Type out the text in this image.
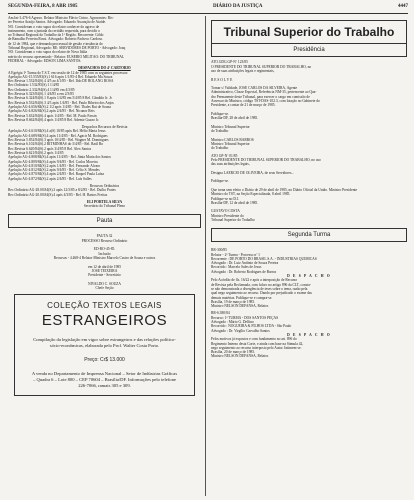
SEGUNDA-FEIRA, 8 ABR 1985	DIÁRIO DA JUSTIÇA	4447
Am.Int-3.476-6 Agravo. Relator Ministro Flávio Cirino. Agravantes: Bis-
ter Ferreira Araújo Santos. Advogado: Eduardo Assunção de Ataíde.
NO. Consideram o voto supra do relator conhecer do agravo de
instrumento, com a juntada da certidão requerida, para decidir o
no Tribunal Regional do Trabalho da 1ª Região. Recorrente: Gildo
de Ramalho Ferreira Rossi. Advogado: Roberto Pacheco Cardoso.
de 12 de 1984, que e demanda processual de gestão e instância do
Tribunal Regional, Advogado: RÉ: SERVIDORES DE PORTO - Advogado: Joaq
NO. Consideram o voto supra do relator de Nova Itália
mérito do recurso apresentado - Relator: EUSÉBIO MILITÃO: DO TRIBUNAL
FEDERAL - Advogado: EDSON LIMA SANTOS.
DESPACHOS DO 4º CARTÓRIO
A Egrégia 1ª Turma do T.S.T. em sessão de 12 de 1985 com os seguintes processos:
Apelação AG-15.555/83(S).1 616 após 1/1/85-4 Rel. Eduardo Ma Souza
Rec.Revista 1.532/84(S).4 4/5 ao 4/1/85 - Rel. Ildo DE ROLANG ROSA
Rec.Ordinário 1.532/85(S).1 1/4/85
Rec.Ordinário 2.332/84(S).4 1/4/85 em 4/3/85
Rec.Revista 6.323/84(S).1 4/4/85 a em 2/3/85
Rec.Revista 6.324/84(S).1 8 após 1/4/85 em 5/4/85 8 Rel. Cândido Jr. Jr
Rec.Revista 6.532/84(S).3 4/3 após 1/4/85 - Rel. Paulo Ribeiro dos Anjos
Apelação AG-4.656/84(S).2 1/2 após 1/4/85 - Rel. Thales Rui de Souza
Apelação AG-4.826/84(S).2 após 2/4/85 - Rel. Nicanor Reis
Rec.Revista 5.632/84(S).4 após 1/4/85 - Rel. M. Paulo Fassin
Rec.Revista 8.662/84(S).4 após 1/4/85 8 Rel. Ademir Guzzo Jr.
Despachos Recursos de Revista
Apelação AG-4.610/84(S).4 a(S) 10/85 após Rel. Hélio Maria Jesus
Apelação AG-4.689/84(S).4 após 11/4/85 - Rel. Agacir M. Rodrigues
Rec.Revista 5.852/84(S).3 após 10/4/85 - Rel. Wagner M. Domingues
Rec.Revista 6.102/84(S).2 RITMINHAS do 3/4/85 - Rel. Raúl Bo
Rec.Revista 6.620/84(S).2 após 3/4/85 8 Rel. Alex Santos
Rec.Revista 6.621/84(S).2 após 1/4/85
Apelação AG-4.808/84(S).4 após 11/4/85 - Rel. Júnia Maria dos Santos
Apelação AG-4.809/84(S).4 após 9/4/85 - Rel. Carlos Moreira
Apelação AG-4.810/84(S).2 após 1/4/85 - Rel. Fernando Álvaro
Apelação AG-4.812/84(S).2 após 9/4/85 - Rel. Célio S. Mendes
Apelação AG-4.870/84(S).4 após 2/4/85 - Rel. Raquel Paula Luíza
Apelação AG-4.872/84(S).2 após 2/4/85 - Rel. Luís Salles
Recursos Ordinários
Rec.Ordinário AG-28.00.84(S).3 após 12/3/85 a 8/2/85 - Rel. Duílio Prates
Rec.Ordinário AG-20.00.84(S).4 após 4/3/85 - Rel. H. Bastos Freitas
ELI PORTELA SILVA
Secretário do Tribunal Pleno
Pauta
PAUTA 32
PROCESSO Recurso Ordinário

ED-RO-45-85.
Inclusão
Recursos - 4.468-4 Relator Ministro Marcelo Castro de Souza e outros

em 12 de abril de 1985
JOSÉ TEIXEIRA
Presidente - Secretário

NIVALDO C. SOUZA
Chefe Seção
COLEÇÃO TEXTOS LEGAIS
ESTRANGEIROS
Compilação da legislação em vigor sobre estrangeiros e das relações político-sócio-econômicas, elaborada pelo Prof. Walter Costa Porto.
Preço: Cr$ 13.000
A venda no Departamento de Imprensa Nacional – Setor de Indústrias Gráficas – Quadra 6 – Lote 800 – CEP 70604 – Brasília/DF. Informações pelo telefone 226-7066, ramais 305 e 309.
Tribunal Superior do Trabalho
Presidência
ATO.GDG.GP-Nº 123/85
O PRESIDENTE DO TRIBUNAL SUPERIOR DO TRABALHO, no
uso de suas atribuições legais e regimentais,

R E S O L V E

Tornar s/ Validade, JOSÉ CARLOS DA SILVEIRA, Agente
Administrativo, Classe Especial, Referência NM-35, pertencente ao Qua-
dro Permanente deste Tribunal, para exercer o cargo em comissão de
Assessor do Ministro, código TST-DAS-102.3, com lotação no Gabinete do
Presidente, a contar de 21 de março de 1985.

Publique-se.
Brasília-DF, 28 de abril de 1985.

Ministro Tribunal Superior
do Trabalho

Ministro CARLOS BARROS
Ministro Tribunal Superior
do Trabalho
ATO GP-Nº 01/85
Pelo PRESIDENTE DO TRIBUNAL SUPERIOR DO TRABALHO, no uso
das suas atribuições legais,

Designa LAERCIO DE OLIVEIRA, de seus Servidores...

Publique-se.

Que torna sem efeito o Diário de 29 de abril de 1985, no Diário Oficial da União. Ministro Presidente
Ministro do TST, na Seção Especializada, 8 abril 1985.
Publique-se no D.J.
Brasília-DF, 12 de abril de 1985.

GUSTAVO COSTA
Ministro Presidente do
Tribunal Superior do Trabalho
Segunda Turma
RR-300/85
Relator - 2ª Turma - Processo nº 1
Recorrente : DE PORTO DO BRASIL S.A. - INDÚSTRIAS QUÍMICAS
Advogado : Dr. Luiz Antônio de Souza Pereira
Recorrido : Marcelo Sales de Jesus
Advogado : Dr. Roberto Rodrigues de Barros
D E S P A C H O
Pelo Acórdão de fls. 16/22 e após a interposição de Recurso
de Revista pela Reclamada, com fulcro no artigo 896 da CLT, consta-
se não demonstrada a divergência de teses sobre o tema, razão pela
qual nego seguimento ao recurso. Dando por prejudicado o exame das
demais matérias. Publique-se e cumpra-se.
Brasília, 19 de março de 1985.
Ministro NELSON DEFANSA, Relator.
RR-6.380/84
Recurso: 1ª TURMA - DOS SANTOS PEÇAS
Advogado : Mário G. Delfino
Recorrido : NOGUEIRA & FILHOS LTDA - São Paulo
Advogado : Dr. Virgílio Carvalho Santos
D E S P A C H O
Pelos motivos já expostos e com fundamento no art. 896 do
Regimento Interno desta Corte, e ainda com base na Súmula 42,
nego seguimento ao recurso interposto pelo Autor. Intimem-se.
Brasília, 20 de março de 1985.
Ministro NELSON DEFANSA, Relator.
